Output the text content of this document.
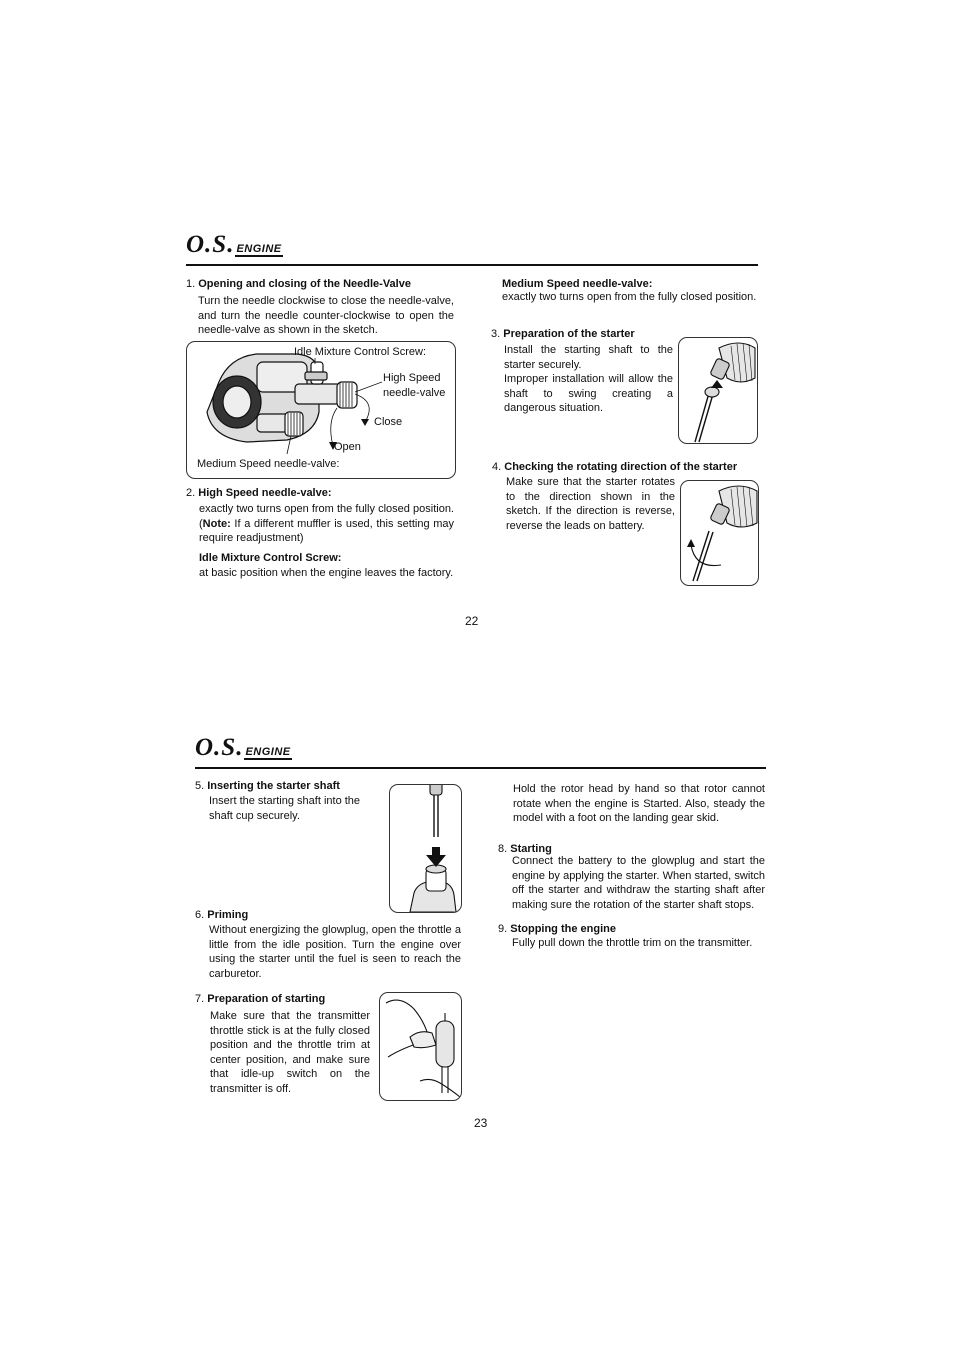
O.S. ENGINE
1. Opening and closing of the Needle-Valve
Turn the needle clockwise to close the needle-valve, and turn the needle counter-clockwise to open the needle-valve as shown in the sketch.
Idle Mixture Control Screw:
High Speed
needle-valve
Close
Open
Medium Speed needle-valve:
2. High Speed needle-valve:
exactly two turns open from the fully closed position.(Note: If a different muffler is used, this setting may require readjustment)
Idle Mixture Control Screw:
at basic position when the engine leaves the factory.
Medium Speed needle-valve:
exactly two turns open from the fully closed position.
3. Preparation of the starter
Install the starting shaft to the starter securely.
Improper installation will allow the shaft to swing creating a dangerous situation.
4. Checking the rotating direction of the starter
Make sure that the starter rotates to the direction shown in the sketch. If the direction is reverse, reverse the leads on battery.
22
O.S. ENGINE
5. Inserting the starter shaft
Insert the starting shaft into the shaft cup securely.
6. Priming
Without energizing the glowplug, open the throttle a little from the idle position. Turn the engine over using the starter until the fuel is seen to reach the carburetor.
7. Preparation of starting
Make sure that the transmitter throttle stick is at the fully closed position and the throttle trim at center position, and make sure that idle-up switch on the transmitter is off.
Hold the rotor head by hand so that rotor cannot rotate when the engine is Started. Also, steady the model with a foot on the landing gear skid.
8. Starting
Connect the battery to the glowplug and start the engine by applying the starter. When started, switch off the starter and withdraw the starting shaft after making sure the rotation of the starter shaft stops.
9. Stopping the engine
Fully pull down the throttle trim on the transmitter.
23
